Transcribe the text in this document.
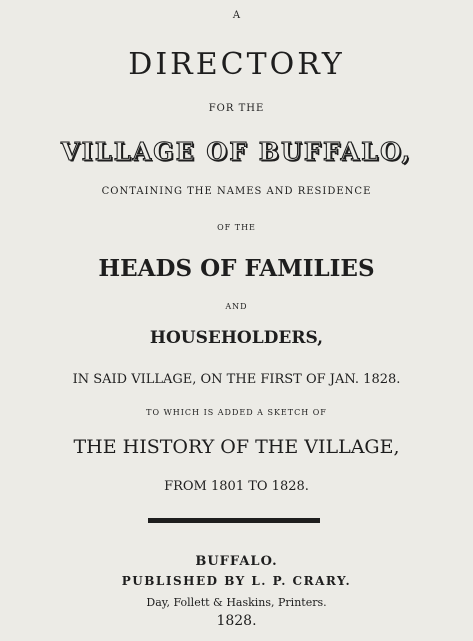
A
DIRECTORY
FOR THE
VILLAGE OF BUFFALO,
CONTAINING THE NAMES AND RESIDENCE
OF THE
HEADS OF FAMILIES
AND
HOUSEHOLDERS,
IN SAID VILLAGE, ON THE FIRST OF JAN. 1828.
TO WHICH IS ADDED A SKETCH OF
THE HISTORY OF THE VILLAGE,
FROM 1801 TO 1828.
BUFFALO.
PUBLISHED BY L. P. CRARY.
Day, Follett & Haskins, Printers.
1828.
